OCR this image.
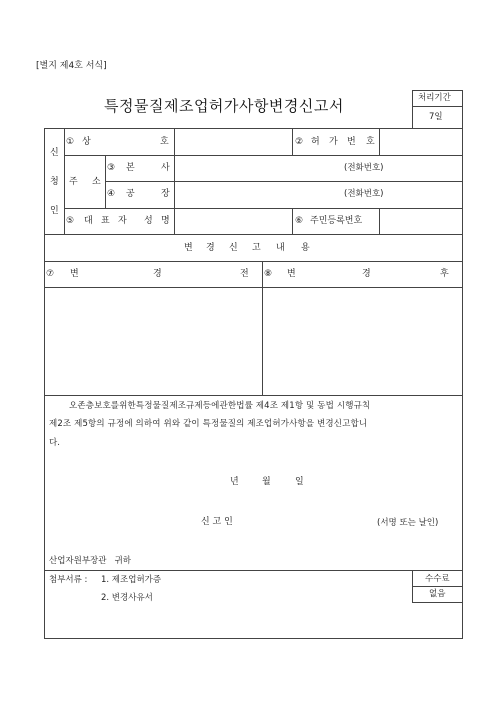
[별지 제4호 서식]
특정물질제조업허가사항변경신고서	처리기간
7일
신
청
인
① 상	호	② 허 가 번 호
주 소
③ 본	사	(전화번호)
④ 공	장	(전화번호)
⑤ 대 표 자 성 명	⑥ 주민등록번호
변 경 신 고 내 용
⑦ 변	경	전 ⑧ 변	경	후
오존층보호를위한특정물질제조규제등에관한법률 제4조 제1항 및 동법 시행규칙
제2조 제5항의 규정에 의하여 위와 같이 특정물질의 제조업허가사항을 변경신고합니
다.
년	월	일
신 고 인	(서명 또는 날인)
산업자원부장관   귀하
첨부서류 : 1. 제조업허가증
2. 변경사유서
수수료
없음
